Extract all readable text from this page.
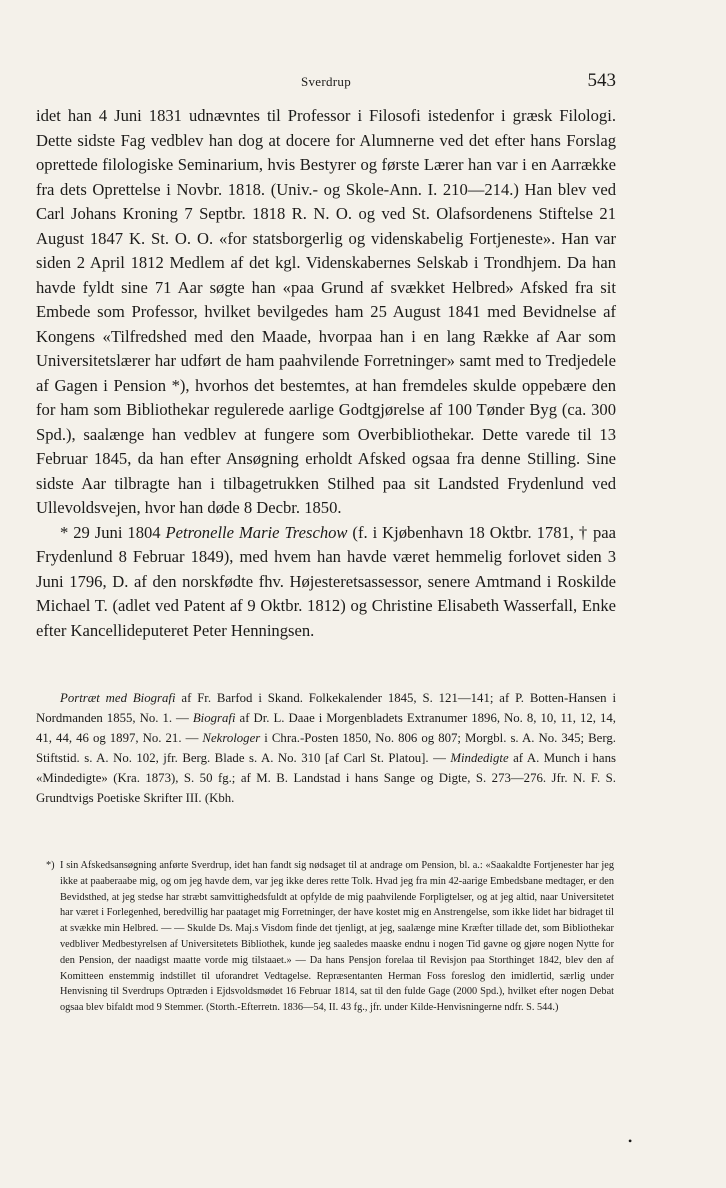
Sverdrup	543

idet han 4 Juni 1831 udnævntes til Professor i Filosofi istedenfor i græsk Filologi. Dette sidste Fag vedblev han dog at docere for Alumnerne ved det efter hans Forslag oprettede filologiske Seminarium, hvis Bestyrer og første Lærer han var i en Aarrække fra dets Oprettelse i Novbr. 1818. (Univ.- og Skole-Ann. I. 210—214.) Han blev ved Carl Johans Kroning 7 Septbr. 1818 R. N. O. og ved St. Olafsordenens Stiftelse 21 August 1847 K. St. O. O. «for statsborgerlig og videnskabelig Fortjeneste». Han var siden 2 April 1812 Medlem af det kgl. Videnskabernes Selskab i Trondhjem. Da han havde fyldt sine 71 Aar søgte han «paa Grund af svækket Helbred» Afsked fra sit Embede som Professor, hvilket bevilgedes ham 25 August 1841 med Bevidnelse af Kongens «Tilfredshed med den Maade, hvorpaa han i en lang Række af Aar som Universitetslærer har udført de ham paahvilende Forretninger» samt med to Tredjedele af Gagen i Pension *), hvorhos det bestemtes, at han fremdeles skulde oppebære den for ham som Bibliothekar regulerede aarlige Godtgjørelse af 100 Tønder Byg (ca. 300 Spd.), saalænge han vedblev at fungere som Overbibliothekar. Dette varede til 13 Februar 1845, da han efter Ansøgning erholdt Afsked ogsaa fra denne Stilling. Sine sidste Aar tilbragte han i tilbagetrukken Stilhed paa sit Landsted Frydenlund ved Ullevoldsvejen, hvor han døde 8 Decbr. 1850.

* 29 Juni 1804 Petronelle Marie Treschow (f. i Kjøbenhavn 18 Oktbr. 1781, † paa Frydenlund 8 Februar 1849), med hvem han havde været hemmelig forlovet siden 3 Juni 1796, D. af den norskfødte fhv. Højesteretsassessor, senere Amtmand i Roskilde Michael T. (adlet ved Patent af 9 Oktbr. 1812) og Christine Elisabeth Wasserfall, Enke efter Kancellideputeret Peter Henningsen.

Portræt med Biografi af Fr. Barfod i Skand. Folkekalender 1845, S. 121—141; af P. Botten-Hansen i Nordmanden 1855, No. 1. — Biografi af Dr. L. Daae i Morgenbladets Extranumer 1896, No. 8, 10, 11, 12, 14, 41, 44, 46 og 1897, No. 21. — Nekrologer i Chra.-Posten 1850, No. 806 og 807; Morgbl. s. A. No. 345; Berg. Stiftstid. s. A. No. 102, jfr. Berg. Blade s. A. No. 310 [af Carl St. Platou]. — Mindedigte af A. Munch i hans «Mindedigte» (Kra. 1873), S. 50 fg.; af M. B. Landstad i hans Sange og Digte, S. 273—276. Jfr. N. F. S. Grundtvigs Poetiske Skrifter III. (Kbh.
*) I sin Afskedsansøgning anførte Sverdrup, idet han fandt sig nødsaget til at andrage om Pension, bl. a.: «Saakaldte Fortjenester har jeg ikke at paaberaabe mig, og om jeg havde dem, var jeg ikke deres rette Tolk. Hvad jeg fra min 42-aarige Embedsbane medtager, er den Bevidsthed, at jeg stedse har stræbt samvittighedsfuldt at opfylde de mig paahvilende Forpligtelser, og at jeg altid, naar Universitetet har været i Forlegenhed, beredvillig har paataget mig Forretninger, der have kostet mig en Anstrengelse, som ikke lidet har bidraget til at svække min Helbred. — — Skulde Ds. Maj.s Visdom finde det tjenligt, at jeg, saalænge mine Kræfter tillade det, som Bibliothekar vedbliver Medbestyrelsen af Universitetets Bibliothek, kunde jeg saaledes maaske endnu i nogen Tid gavne og gjøre nogen Nytte for den Pension, der naadigst maatte vorde mig tilstaaet.» — Da hans Pensjon forelaa til Revisjon paa Storthinget 1842, blev den af Komitteen enstemmig indstillet til uforandret Vedtagelse. Repræsentanten Herman Foss foreslog den imidlertid, særlig under Henvisning til Sverdrups Optræden i Ejdsvoldsmødet 16 Februar 1814, sat til den fulde Gage (2000 Spd.), hvilket efter nogen Debat ogsaa blev bifaldt mod 9 Stemmer. (Storth.-Efterretn. 1836—54, II. 43 fg., jfr. under Kilde-Henvisningerne ndfr. S. 544.)
•
